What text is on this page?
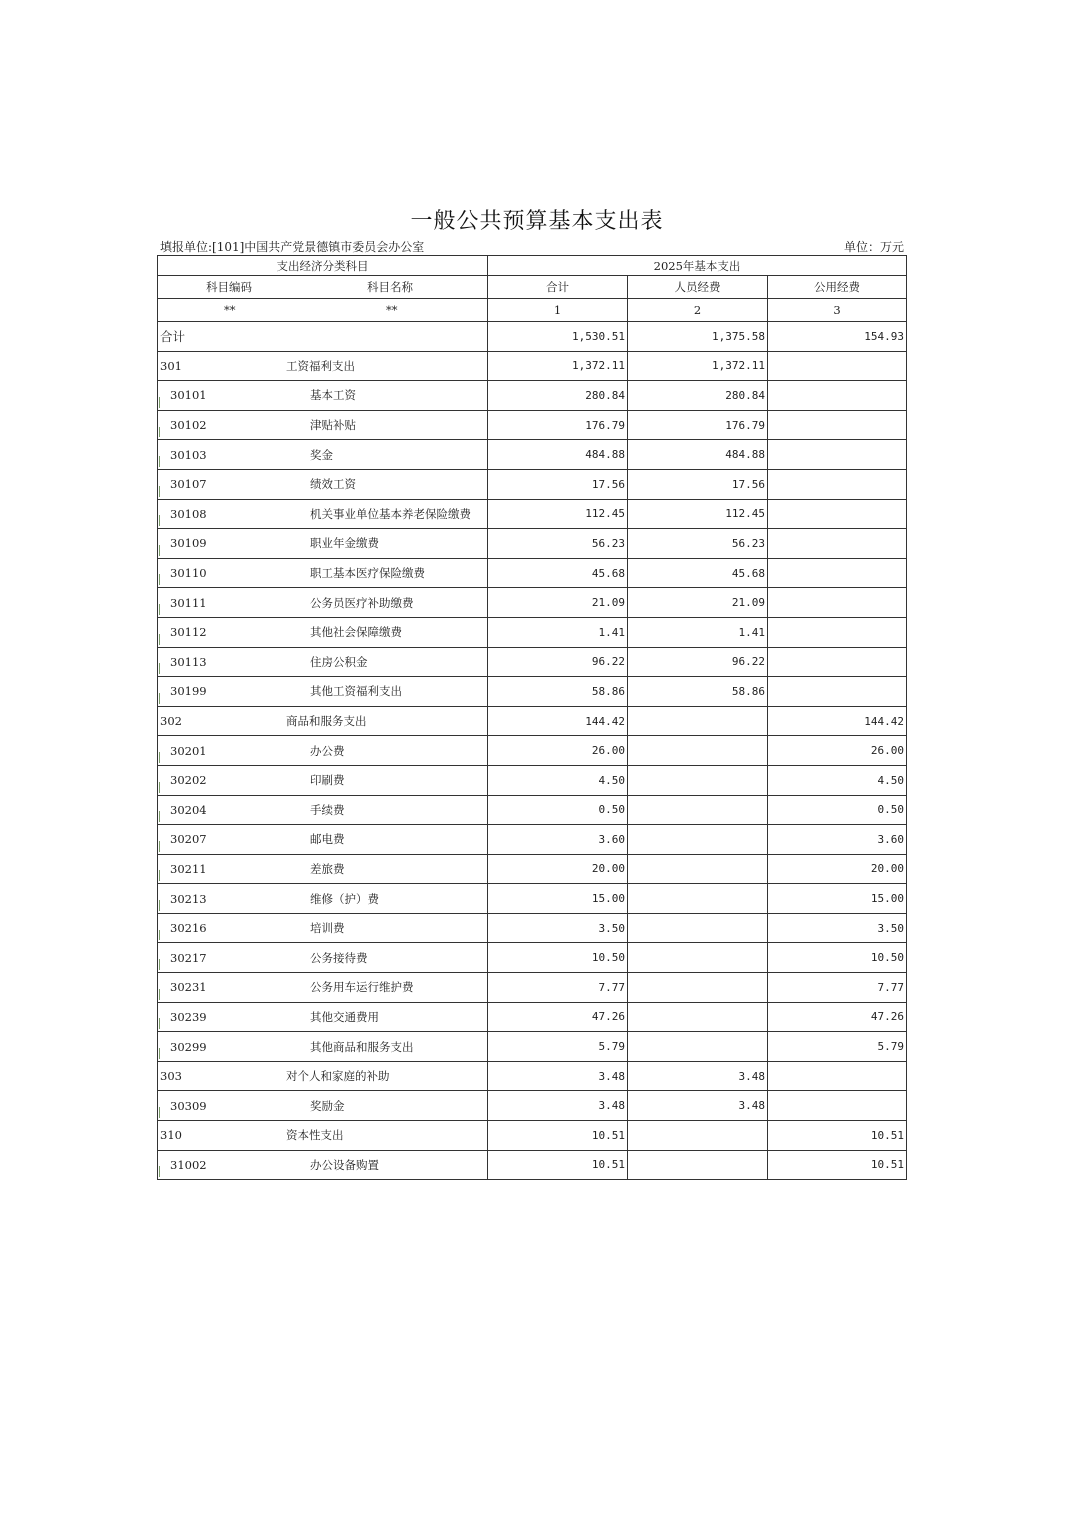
一般公共预算基本支出表
填报单位:[101]中国共产党景德镇市委员会办公室	单位：万元
支出经济分类科目	2025年基本支出		

科目编码 科目名称	合计	人员经费	公用经费

** **	1	2	3

合计	1,530.51	1,375.58	154.93

301 工资福利支出	1,372.11	1,372.11	

30101 基本工资	280.84	280.84	

30102 津贴补贴	176.79	176.79	

30103 奖金	484.88	484.88	

30107 绩效工资	17.56	17.56	

30108 机关事业单位基本养老保险缴费	112.45	112.45	

30109 职业年金缴费	56.23	56.23	

30110 职工基本医疗保险缴费	45.68	45.68	

30111 公务员医疗补助缴费	21.09	21.09	

30112 其他社会保障缴费	1.41	1.41	

30113 住房公积金	96.22	96.22	

30199 其他工资福利支出	58.86	58.86	

302 商品和服务支出	144.42		144.42

30201 办公费	26.00		26.00

30202 印刷费	4.50		4.50

30204 手续费	0.50		0.50

30207 邮电费	3.60		3.60

30211 差旅费	20.00		20.00

30213 维修（护）费	15.00		15.00

30216 培训费	3.50		3.50

30217 公务接待费	10.50		10.50

30231 公务用车运行维护费	7.77		7.77

30239 其他交通费用	47.26		47.26

30299 其他商品和服务支出	5.79		5.79

303 对个人和家庭的补助	3.48	3.48	

30309 奖励金	3.48	3.48	

310 资本性支出	10.51		10.51

31002 办公设备购置	10.51		10.51
